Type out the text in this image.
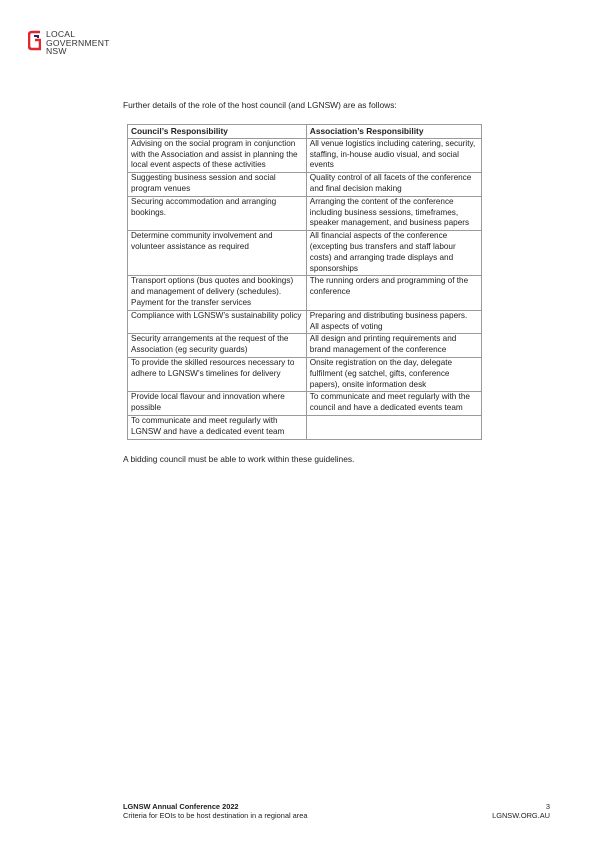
LOCAL
GOVERNMENT
NSW

Further details of the role of the host council (and LGNSW) are as follows:

Council’s Responsibility	Association’s Responsibility
Advising on the social program in conjunction with the Association and assist in planning the local event aspects of these activities	All venue logistics including catering, security, staffing, in-house audio visual, and social events
Suggesting business session and social program venues	Quality control of all facets of the conference and final decision making
Securing accommodation and arranging bookings.	Arranging the content of the conference including business sessions, timeframes, speaker management, and business papers
Determine community involvement and volunteer assistance as required	All financial aspects of the conference (excepting bus transfers and staff labour costs) and arranging trade displays and sponsorships
Transport options (bus quotes and bookings) and management of delivery (schedules). Payment for the transfer services	The running orders and programming of the conference
Compliance with LGNSW’s sustainability policy	Preparing and distributing business papers. All aspects of voting
Security arrangements at the request of the Association (eg security guards)	All design and printing requirements and brand management of the conference
To provide the skilled resources necessary to adhere to LGNSW’s timelines for delivery	Onsite registration on the day, delegate fulfilment (eg satchel, gifts, conference papers), onsite information desk
Provide local flavour and innovation where possible	To communicate and meet regularly with the council and have a dedicated events team
To communicate and meet regularly with LGNSW and have a dedicated event team	

A bidding council must be able to work within these guidelines.

LGNSW Annual Conference 2022
Criteria for EOIs to be host destination in a regional area
3
LGNSW.ORG.AU
